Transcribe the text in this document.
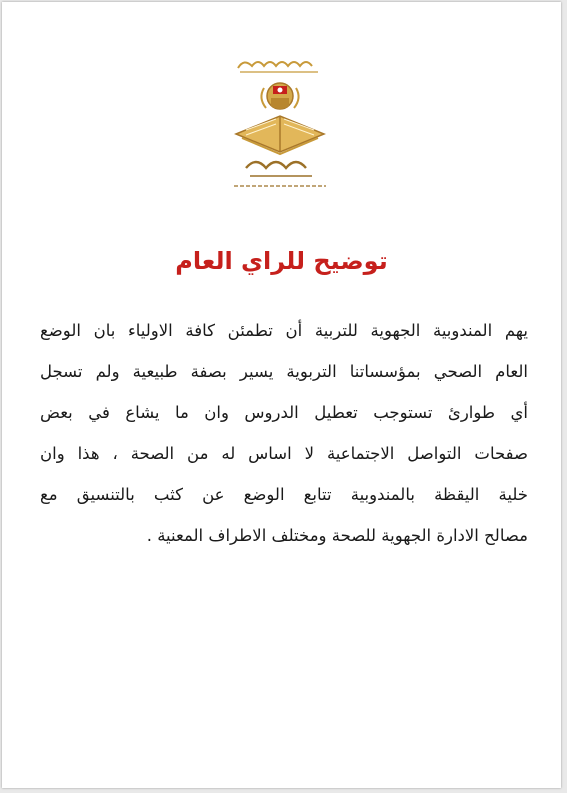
توضيح للراي العام
يهم المندوبية الجهوية للتربية أن تطمئن كافة الاولياء بان الوضع
العام الصحي بمؤسساتنا التربوية يسير بصفة طبيعية ولم تسجل
أي طوارئ تستوجب تعطيل الدروس وان ما يشاع في بعض
صفحات التواصل الاجتماعية لا اساس له من الصحة ، هذا وان
خلية اليقظة بالمندوبية تتابع الوضع عن كثب بالتنسيق مع
مصالح الادارة الجهوية للصحة ومختلف الاطراف المعنية .
